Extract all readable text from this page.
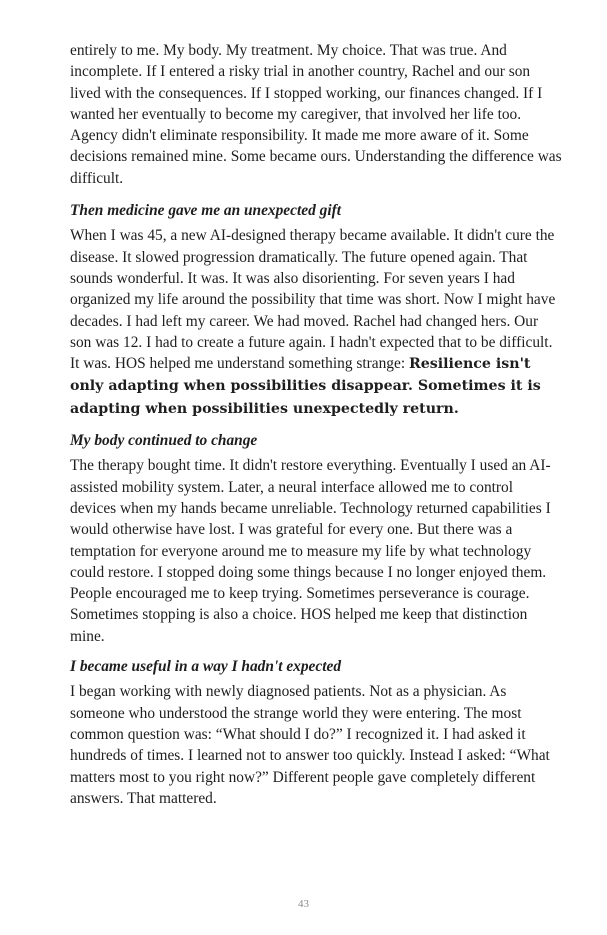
entirely to me. My body. My treatment. My choice. That was true. And incomplete. If I entered a risky trial in another country, Rachel and our son lived with the consequences. If I stopped working, our finances changed. If I wanted her eventually to become my caregiver, that involved her life too. Agency didn't eliminate responsibility. It made me more aware of it. Some decisions remained mine. Some became ours. Understanding the difference was difficult.

Then medicine gave me an unexpected gift

When I was 45, a new AI-designed therapy became available. It didn't cure the disease. It slowed progression dramatically. The future opened again. That sounds wonderful. It was. It was also disorienting. For seven years I had organized my life around the possibility that time was short. Now I might have decades. I had left my career. We had moved. Rachel had changed hers. Our son was 12. I had to create a future again. I hadn't expected that to be difficult. It was. HOS helped me understand something strange: Resilience isn't only adapting when possibilities disappear. Sometimes it is adapting when possibilities unexpectedly return.

My body continued to change

The therapy bought time. It didn't restore everything. Eventually I used an AI-assisted mobility system. Later, a neural interface allowed me to control devices when my hands became unreliable. Technology returned capabilities I would otherwise have lost. I was grateful for every one. But there was a temptation for everyone around me to measure my life by what technology could restore. I stopped doing some things because I no longer enjoyed them. People encouraged me to keep trying. Sometimes perseverance is courage. Sometimes stopping is also a choice. HOS helped me keep that distinction mine.

I became useful in a way I hadn't expected

I began working with newly diagnosed patients. Not as a physician. As someone who understood the strange world they were entering. The most common question was: “What should I do?” I recognized it. I had asked it hundreds of times. I learned not to answer too quickly. Instead I asked: “What matters most to you right now?” Different people gave completely different answers. That mattered.

43
